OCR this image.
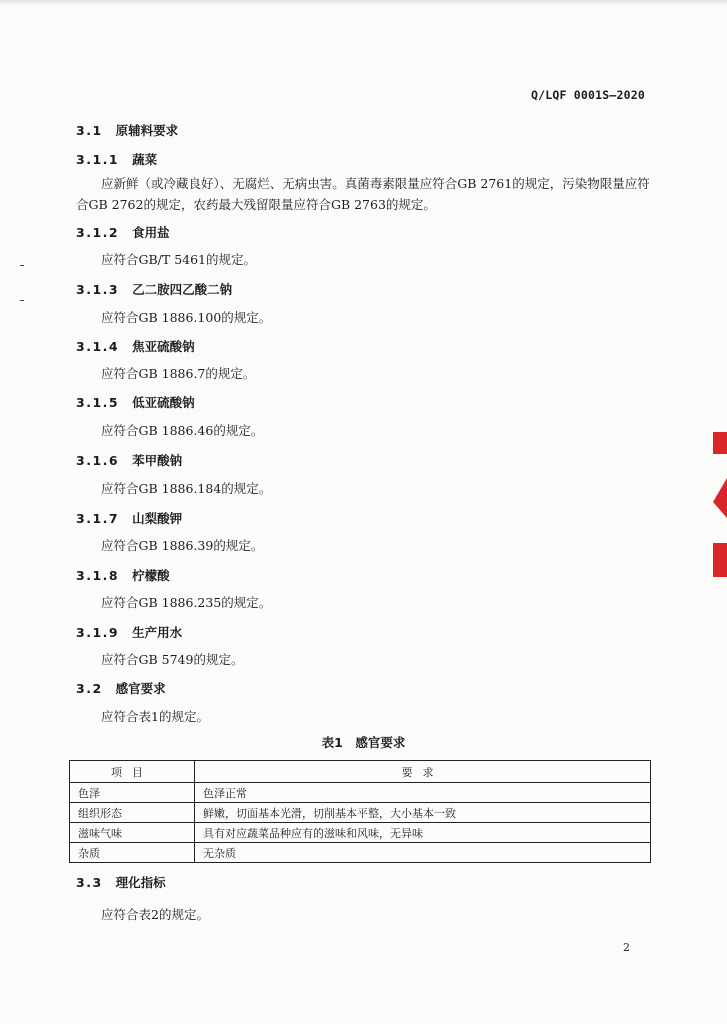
Q/LQF 0001S—2020
3.1 原辅料要求
3.1.1 蔬菜
应新鲜（或冷藏良好）、无腐烂、无病虫害。真菌毒素限量应符合GB 2761的规定，污染物限量应符合GB 2762的规定，农药最大残留限量应符合GB 2763的规定。
3.1.2 食用盐
应符合GB/T 5461的规定。
3.1.3 乙二胺四乙酸二钠
应符合GB 1886.100的规定。
3.1.4 焦亚硫酸钠
应符合GB 1886.7的规定。
3.1.5 低亚硫酸钠
应符合GB 1886.46的规定。
3.1.6 苯甲酸钠
应符合GB 1886.184的规定。
3.1.7 山梨酸钾
应符合GB 1886.39的规定。
3.1.8 柠檬酸
应符合GB 1886.235的规定。
3.1.9 生产用水
应符合GB 5749的规定。
3.2 感官要求
应符合表1的规定。
表1　感官要求
项目	要求
色泽	色泽正常
组织形态	鲜嫩，切面基本光滑，切削基本平整，大小基本一致
滋味气味	具有对应蔬菜品种应有的滋味和风味，无异味
杂质	无杂质
3.3 理化指标
应符合表2的规定。
2
